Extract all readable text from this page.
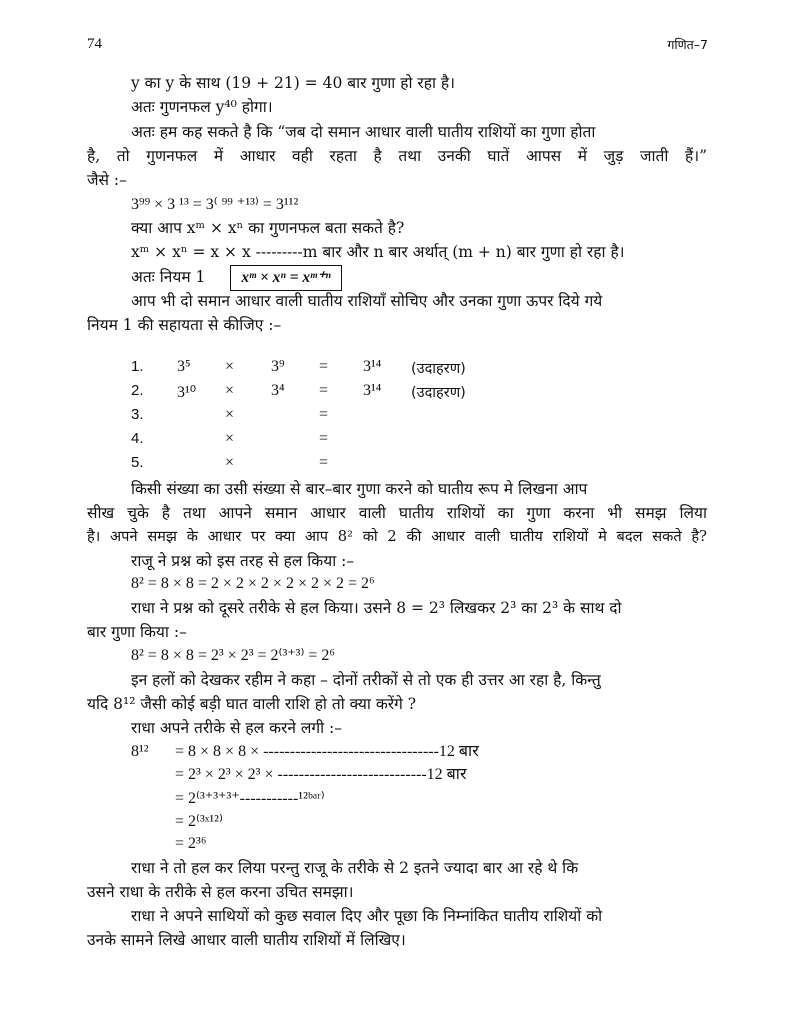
74	गणित–7
y का y के साथ (19 + 21) = 40 बार गुणा हो रहा है।
अतः गुणनफल y⁴⁰ होगा।
अतः हम कह सकते है कि “जब दो समान आधार वाली घातीय राशियों का गुणा होता
है, तो गुणनफल में आधार वही रहता है तथा उनकी घातें आपस में जुड़ जाती हैं।”
जैसे :–
3⁹⁹ × 3 ¹³ = 3⁽ ⁹⁹ ⁺¹³⁾ = 3¹¹²
क्या आप xᵐ × xⁿ का गुणनफल बता सकते है?
xᵐ × xⁿ = x × x ---------m बार और n बार अर्थात् (m + n) बार गुणा हो रहा है।
अतः नियम 1 xᵐ × xⁿ = xᵐ⁺ⁿ
आप भी दो समान आधार वाली घातीय राशियाँ सोचिए और उनका गुणा ऊपर दिये गये
नियम 1 की सहायता से कीजिए :–
1. 3⁵ × 3⁹ = 3¹⁴ (उदाहरण)
2. 3¹⁰ × 3⁴ = 3¹⁴ (उदाहरण)
3.	×	=
4.	×	=
5.	×	=
किसी संख्या का उसी संख्या से बार–बार गुणा करने को घातीय रूप मे लिखना आप
सीख चुके है तथा आपने समान आधार वाली घातीय राशियों का गुणा करना भी समझ लिया
है। अपने समझ के आधार पर क्या आप 8² को 2 की आधार वाली घातीय राशियों मे बदल सकते है?
राजू ने प्रश्न को इस तरह से हल किया :–
8² = 8 × 8 = 2 × 2 × 2 × 2 × 2 × 2 = 2⁶
राधा ने प्रश्न को दूसरे तरीके से हल किया। उसने 8 = 2³ लिखकर 2³ का 2³ के साथ दो
बार गुणा किया :–
8² = 8 × 8 = 2³ × 2³ = 2⁽³⁺³⁾ = 2⁶
इन हलों को देखकर रहीम ने कहा – दोनों तरीकों से तो एक ही उत्तर आ रहा है, किन्तु
यदि 8¹² जैसी कोई बड़ी घात वाली राशि हो तो क्या करेंगे ?
राधा अपने तरीके से हल करने लगी :–
8¹² = 8 × 8 × 8 × ---------------------------------12 बार
= 2³ × 2³ × 2³ × ----------------------------12 बार
= 2⁽³⁺³⁺³⁺-----------¹²ᵇᵃʳ⁾
= 2⁽³ˣ¹²⁾
= 2³⁶
राधा ने तो हल कर लिया परन्तु राजू के तरीके से 2 इतने ज्यादा बार आ रहे थे कि
उसने राधा के तरीके से हल करना उचित समझा।
राधा ने अपने साथियों को कुछ सवाल दिए और पूछा कि निम्नांकित घातीय राशियों को
उनके सामने लिखे आधार वाली घातीय राशियों में लिखिए।
